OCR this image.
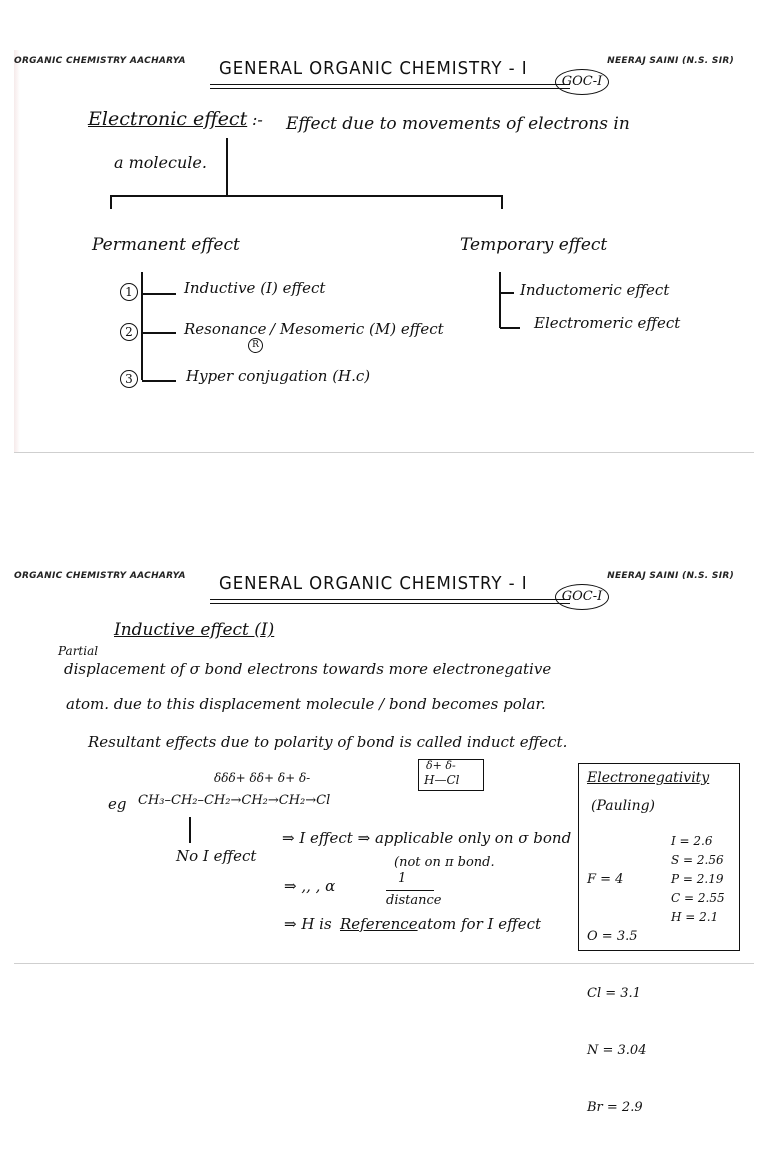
ORGANIC CHEMISTRY AACHARYA GENERAL ORGANIC CHEMISTRY - I
GOC-I
NEERAJ SAINI (N.S. SIR)
Electronic effect :- Effect due to movements of electrons in
a molecule.
Permanent effect	Temporary effect
1	Inductive (I) effect
2	Resonance
R
/ Mesomeric (M) effect
3	Hyper conjugation (H.c)
Inductomeric effect
Electromeric effect
ORGANIC CHEMISTRY AACHARYA GENERAL ORGANIC CHEMISTRY - I
GOC-I
NEERAJ SAINI (N.S. SIR)
Inductive effect (I)
Partial
displacement of σ bond electrons towards more electronegative
atom. due to this displacement molecule / bond becomes polar.
Resultant effects due to polarity of bond is called induct effect.
δδδ+ δδ+ δ+ δ-
eg CH₃–CH₂–CH₂→CH₂→CH₂→Cl
δ+ δ-
H—Cl
No I effect
⇒ I effect ⇒ applicable only on σ bond
(not on π bond.
⇒ ,, , α	1
distance
⇒ H is Reference atom for I effect
Electronegativity
(Pauling)

F = 4

O = 3.5

Cl = 3.1

N = 3.04

Br = 2.9

I = 2.6
S = 2.56
P = 2.19
C = 2.55
H = 2.1
